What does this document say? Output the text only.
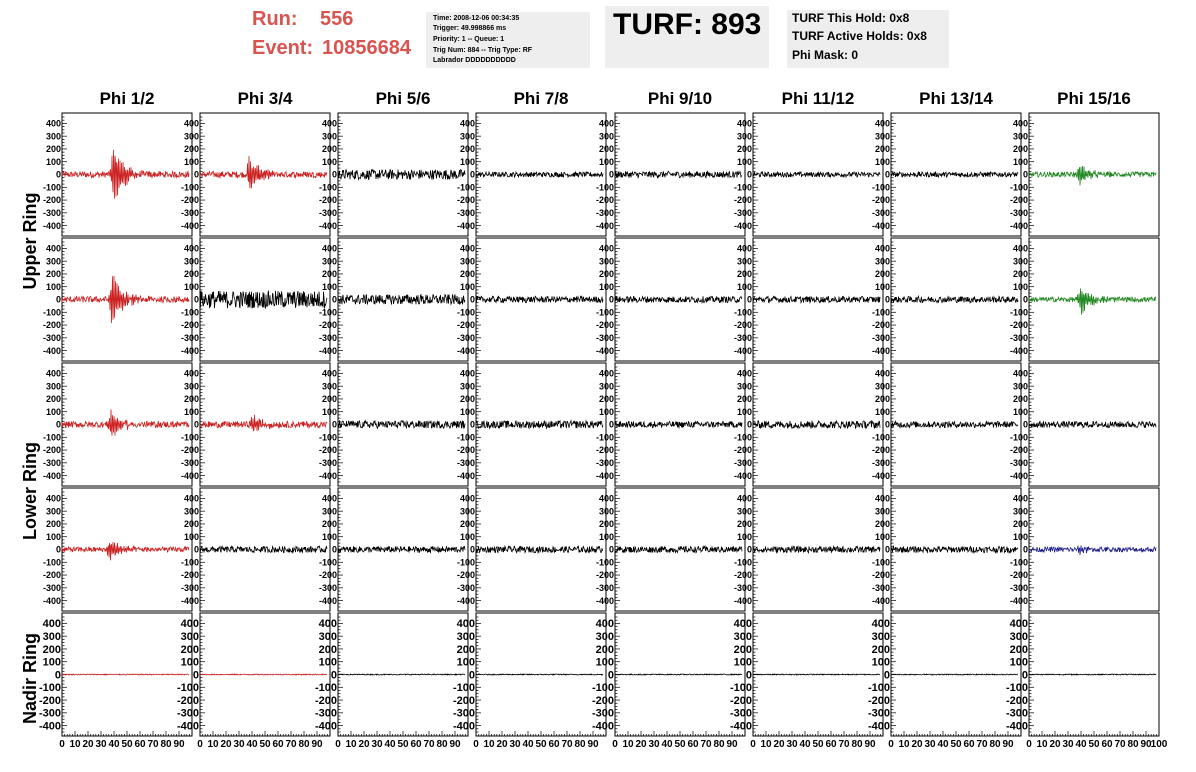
Run: 556
Event: 10856684
Time: 2008-12-06 00:34:35
Trigger: 49.998866 ms
Priority: 1 -- Queue: 1
Trig Num: 884 -- Trig Type: RF
Labrador DDDDDDDDDD
TURF: 893	TURF This Hold: 0x8
TURF Active Holds: 0x8
Phi Mask: 0
Phi 1/2	Phi 3/4	Phi 5/6	Phi 7/8	Phi 9/10	Phi 11/12	Phi 13/14	Phi 15/16
Upper Ring
Lower Ring
Nadir Ring
-400
-300
-200
-100
0
100
200
300
400
-400
-300
-200
-100
0
100
200
300
400
-400
-300
-200
-100
0
100
200
300
400
-400
-300
-200
-100
0
100
200
300
400
-400
-300
-200
-100
0
100
200
300
400
-400
-300
-200
-100
0
100
200
300
400
-400
-300
-200
-100
0
100
200
300
400
-400
-300
-200
-100
0
100
200
300
400
-400
-300
-200
-100
0
100
200
300
400
-400
-300
-200
-100
0
100
200
300
400
-400
-300
-200
-100
0
100
200
300
400
-400
-300
-200
-100
0
100
200
300
400
-400
-300
-200
-100
0
100
200
300
400
-400
-300
-200
-100
0
100
200
300
400
-400
-300
-200
-100
0
100
200
300
400
-400
-300
-200
-100
0
100
200
300
400
-400
-300
-200
-100
0
100
200
300
400
-400
-300
-200
-100
0
100
200
300
400
-400
-300
-200
-100
0
100
200
300
400
-400
-300
-200
-100
0
100
200
300
400
-400
-300
-200
-100
0
100
200
300
400
-400
-300
-200
-100
0
100
200
300
400
-400
-300
-200
-100
0
100
200
300
400
-400
-300
-200
-100
0
100
200
300
400
-400
-300
-200
-100
0
100
200
300
400
-400
-300
-200
-100
0
100
200
300
400
-400
-300
-200
-100
0
100
200
300
400
-400
-300
-200
-100
0
100
200
300
400
-400
-300
-200
-100
0
100
200
300
400
-400
-300
-200
-100
0
100
200
300
400
-400
-300
-200
-100
0
100
200
300
400
-400
-300
-200
-100
0
100
200
300
400
-400
-300
-200
-100
0
100
200
300
400
0 10 20 30 40 50 60 70 80 90
-400
-300
-200
-100
0
100
200
300
400
0 10 20 30 40 50 60 70 80 90
-400
-300
-200
-100
0
100
200
300
400
0 10 20 30 40 50 60 70 80 90
-400
-300
-200
-100
0
100
200
300
400
0 10 20 30 40 50 60 70 80 90
-400
-300
-200
-100
0
100
200
300
400
0 10 20 30 40 50 60 70 80 90
-400
-300
-200
-100
0
100
200
300
400
0 10 20 30 40 50 60 70 80 90
-400
-300
-200
-100
0
100
200
300
400
0 10 20 30 40 50 60 70 80 90
-400
-300
-200
-100
0
100
200
300
400
0 10 20 30 40 50 60 70 80 90 100
